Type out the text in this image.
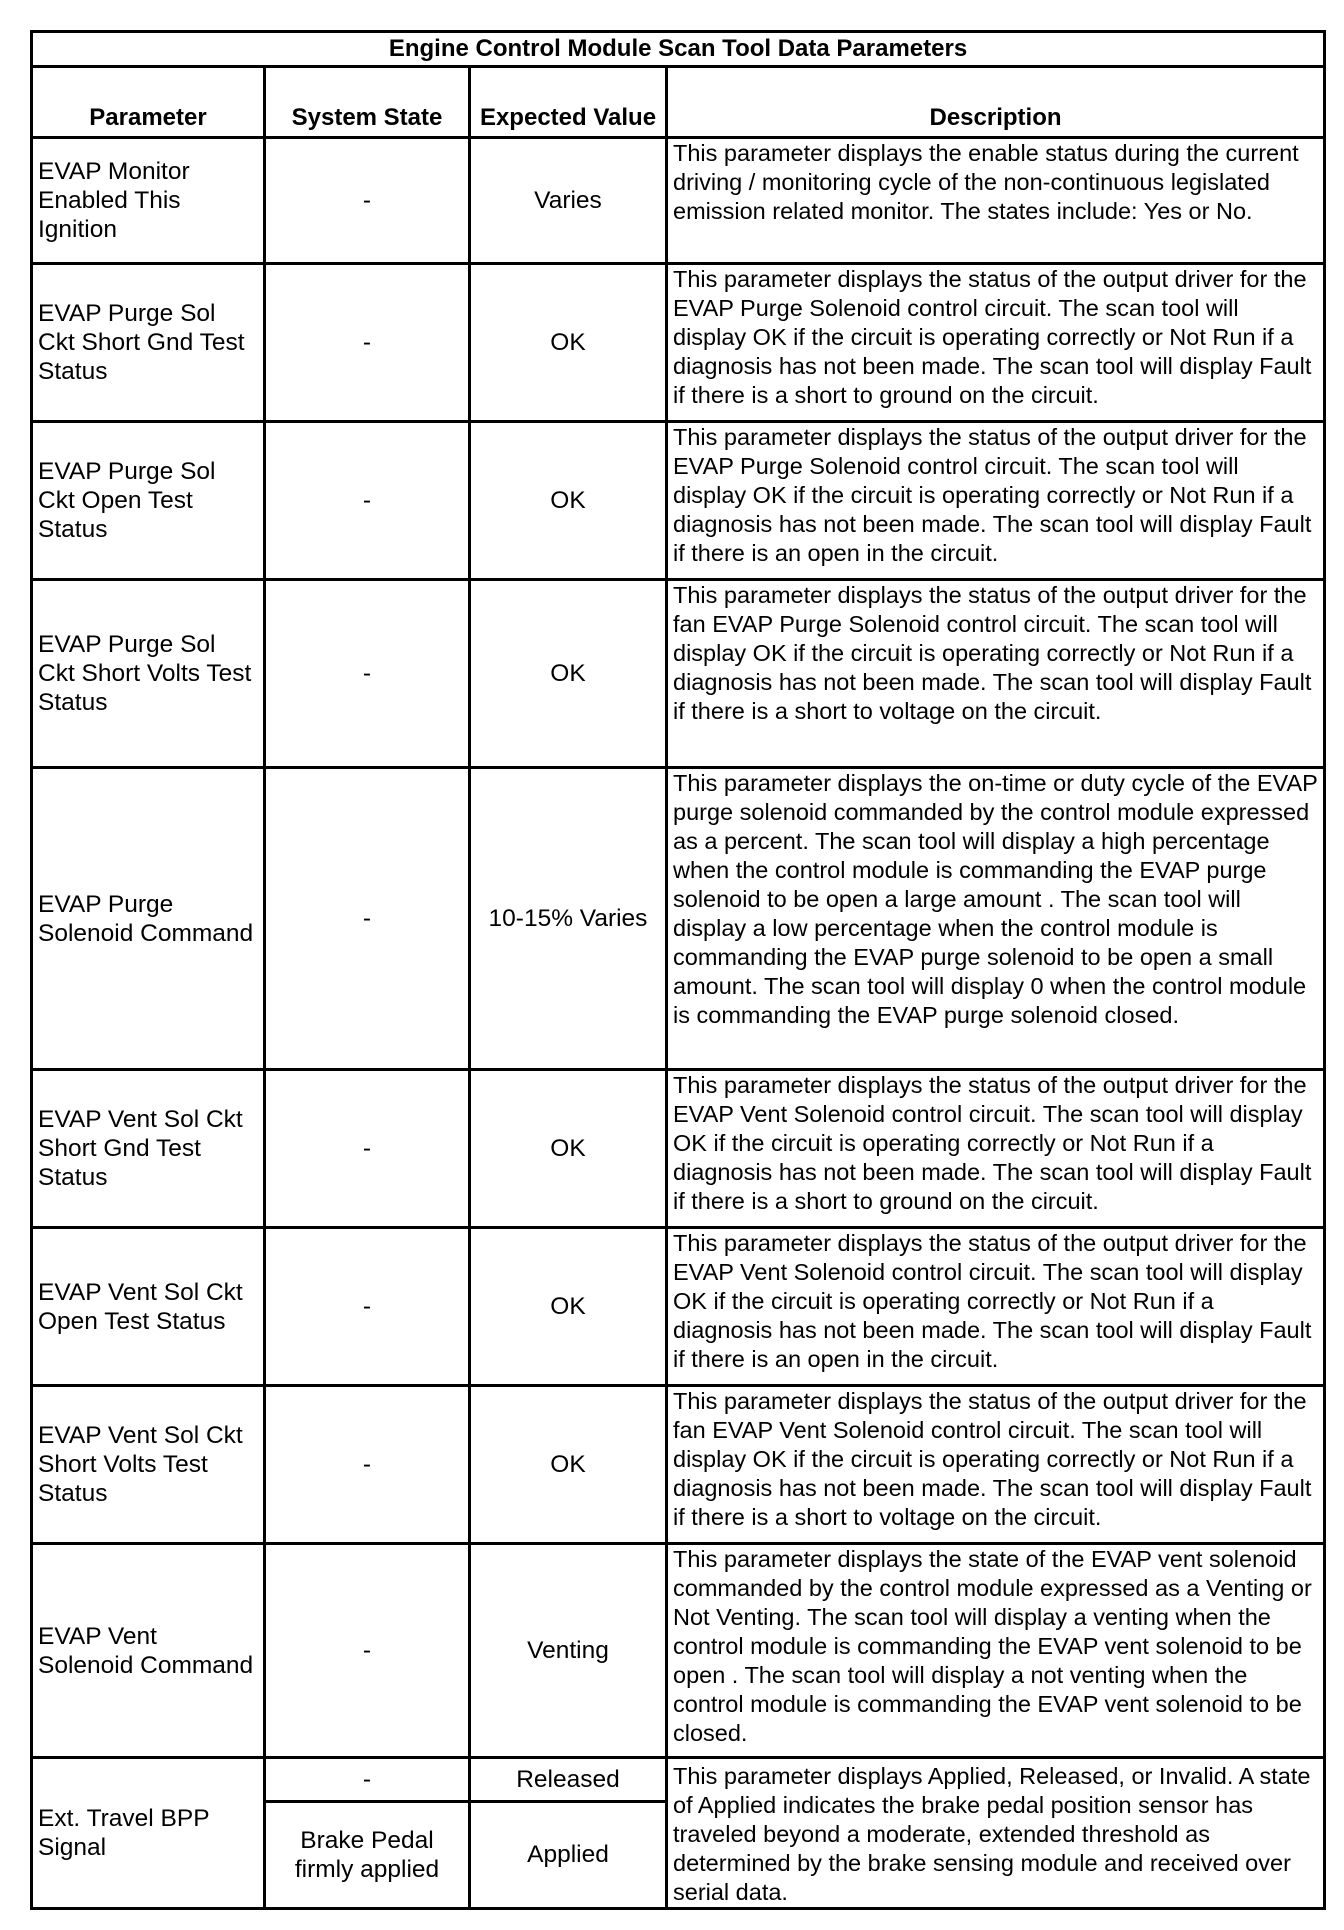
Engine Control Module Scan Tool Data Parameters			
Parameter	System State	Expected Value	Description
EVAP Monitor Enabled This Ignition	-	Varies	This parameter displays the enable status during the current driving / monitoring cycle of the non-continuous legislated emission related monitor. The states include: Yes or No.
EVAP Purge Sol Ckt Short Gnd Test Status	-	OK	This parameter displays the status of the output driver for the EVAP Purge Solenoid control circuit. The scan tool will display OK if the circuit is operating correctly or Not Run if a diagnosis has not been made. The scan tool will display Fault if there is a short to ground on the circuit.
EVAP Purge Sol Ckt Open Test Status	-	OK	This parameter displays the status of the output driver for the EVAP Purge Solenoid control circuit. The scan tool will display OK if the circuit is operating correctly or Not Run if a diagnosis has not been made. The scan tool will display Fault if there is an open in the circuit.
EVAP Purge Sol Ckt Short Volts Test Status	-	OK	This parameter displays the status of the output driver for the fan EVAP Purge Solenoid control circuit. The scan tool will display OK if the circuit is operating correctly or Not Run if a diagnosis has not been made. The scan tool will display Fault if there is a short to voltage on the circuit.
EVAP Purge Solenoid Command	-	10-15% Varies	This parameter displays the on-time or duty cycle of the EVAP purge solenoid commanded by the control module expressed as a percent. The scan tool will display a high percentage when the control module is commanding the EVAP purge solenoid to be open a large amount . The scan tool will display a low percentage when the control module is commanding the EVAP purge solenoid to be open a small amount. The scan tool will display 0 when the control module is commanding the EVAP purge solenoid closed.
EVAP Vent Sol Ckt Short Gnd Test Status	-	OK	This parameter displays the status of the output driver for the EVAP Vent Solenoid control circuit. The scan tool will display OK if the circuit is operating correctly or Not Run if a diagnosis has not been made. The scan tool will display Fault if there is a short to ground on the circuit.
EVAP Vent Sol Ckt Open Test Status	-	OK	This parameter displays the status of the output driver for the EVAP Vent Solenoid control circuit. The scan tool will display OK if the circuit is operating correctly or Not Run if a diagnosis has not been made. The scan tool will display Fault if there is an open in the circuit.
EVAP Vent Sol Ckt Short Volts Test Status	-	OK	This parameter displays the status of the output driver for the fan EVAP Vent Solenoid control circuit. The scan tool will display OK if the circuit is operating correctly or Not Run if a diagnosis has not been made. The scan tool will display Fault if there is a short to voltage on the circuit.
EVAP Vent Solenoid Command	-	Venting	This parameter displays the state of the EVAP vent solenoid commanded by the control module expressed as a Venting or Not Venting. The scan tool will display a venting when the control module is commanding the EVAP vent solenoid to be open . The scan tool will display a not venting when the control module is commanding the EVAP vent solenoid to be closed.
Ext. Travel BPP Signal	-	Released	This parameter displays Applied, Released, or Invalid. A state of Applied indicates the brake pedal position sensor has traveled beyond a moderate, extended threshold as determined by the brake sensing module and received over serial data.
	Brake Pedal firmly applied	Applied	
